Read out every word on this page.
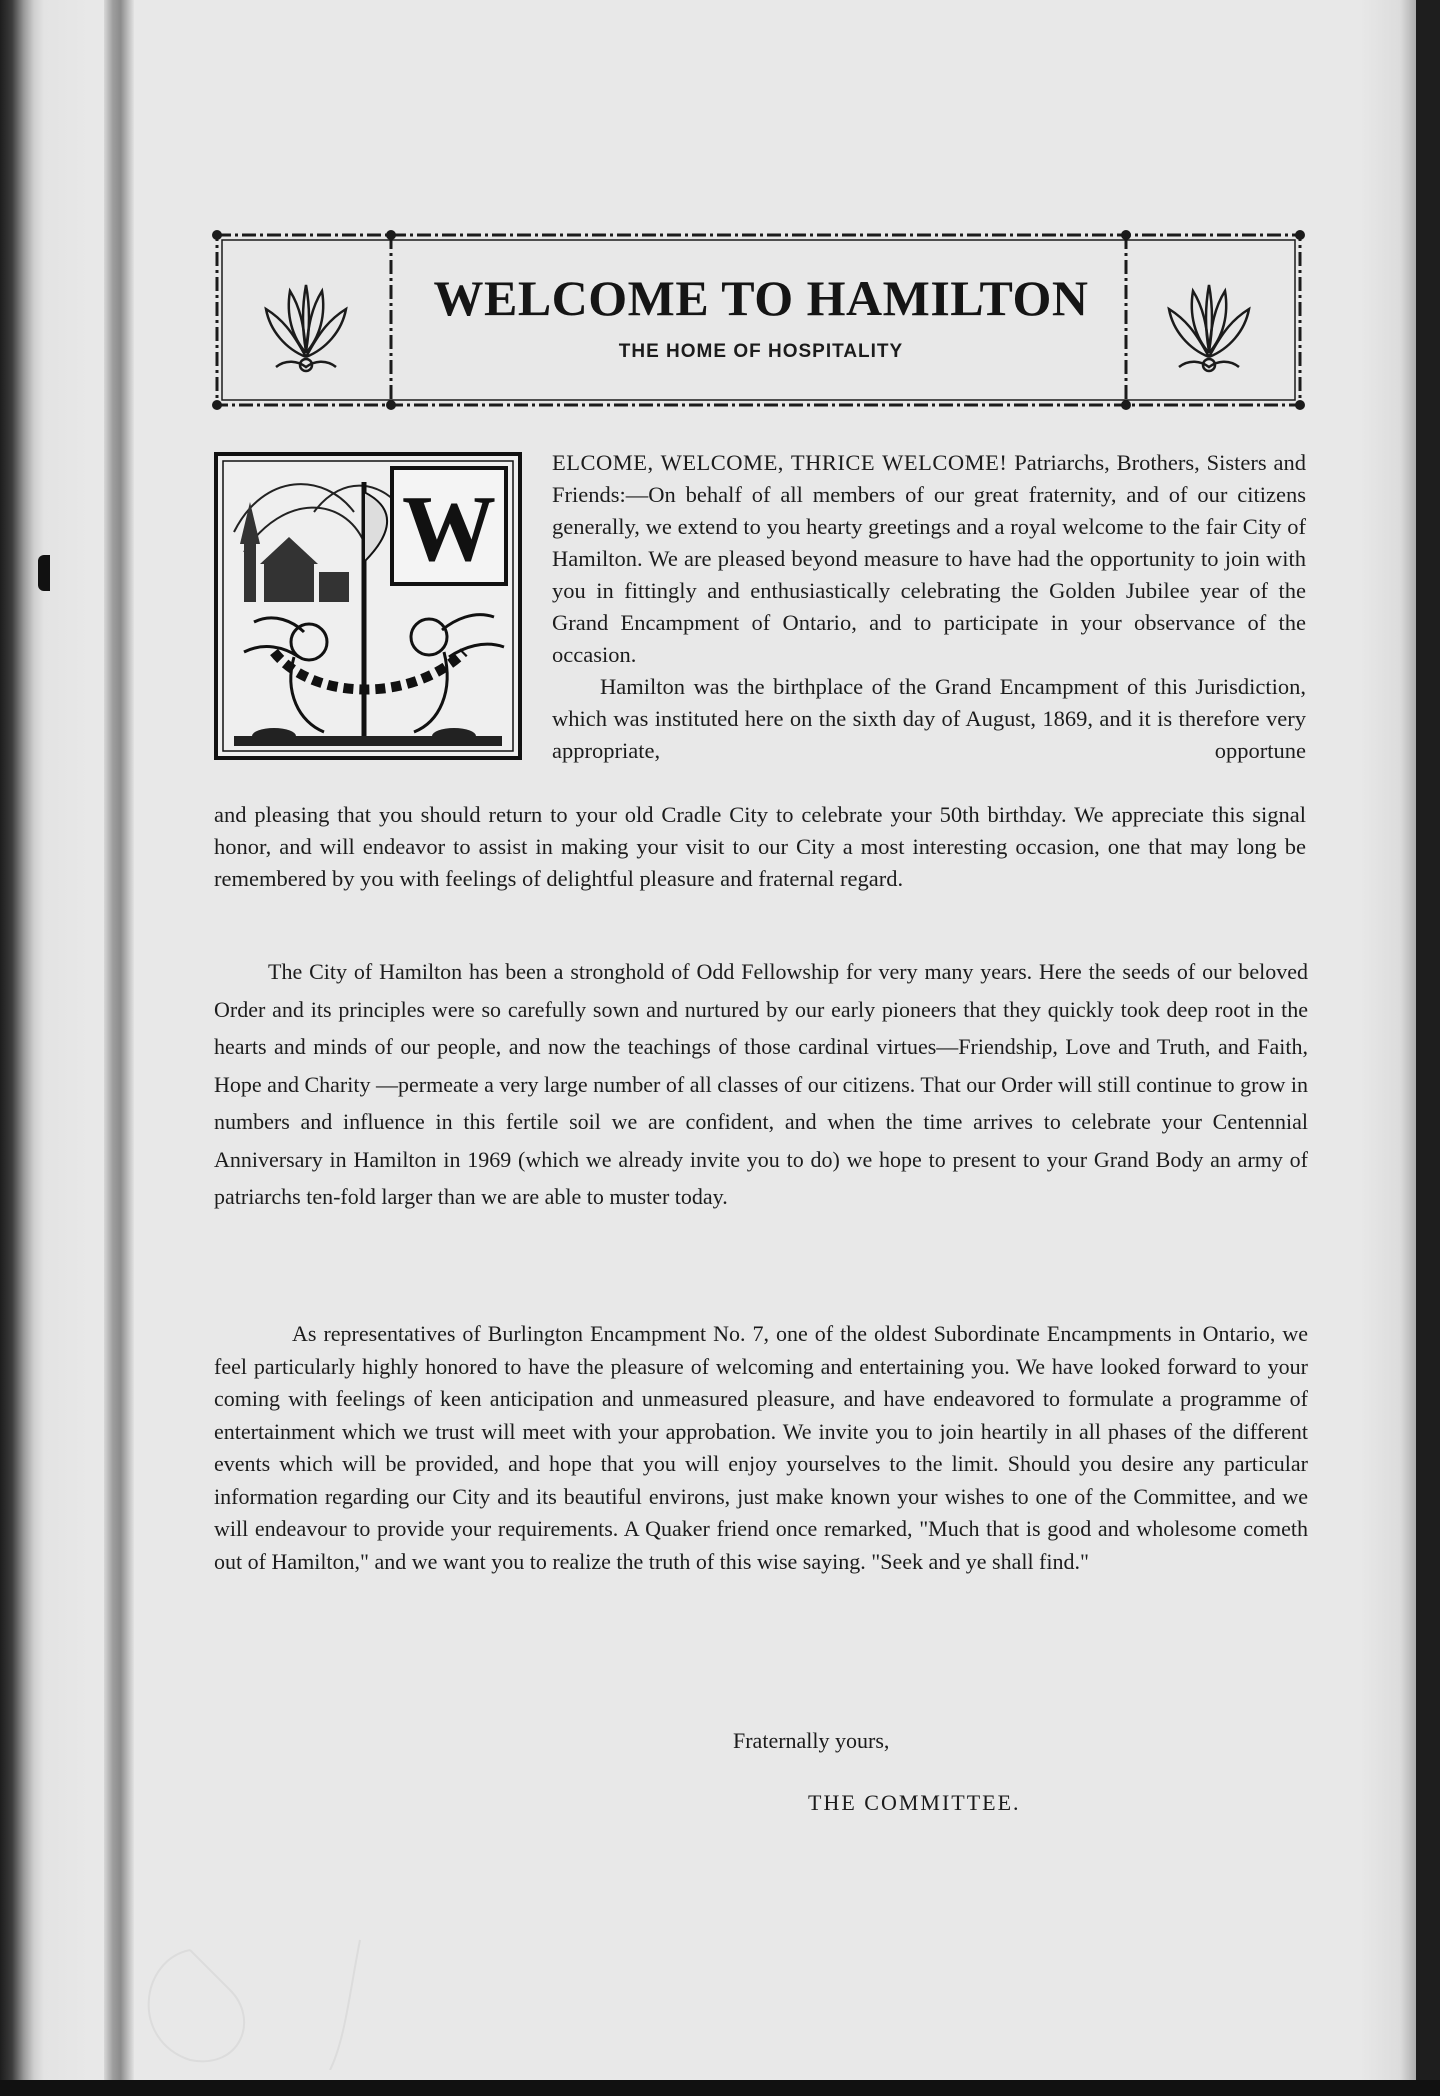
WELCOME TO HAMILTON
THE HOME OF HOSPITALITY
W
ELCOME, WELCOME, THRICE WELCOME! Patriarchs, Brothers, Sisters and Friends:—On behalf of all members of our great fraternity, and of our citizens generally, we extend to you hearty greetings and a royal welcome to the fair City of Hamilton. We are pleased beyond measure to have had the opportunity to join with you in fittingly and enthusiastically celebrating the Golden Jubilee year of the Grand Encampment of Ontario, and to participate in your observance of the occasion.
Hamilton was the birthplace of the Grand Encampment of this Jurisdiction, which was instituted here on the sixth day of August, 1869, and it is therefore very appropriate, opportune
and pleasing that you should return to your old Cradle City to celebrate your 50th birthday. We appreciate this signal honor, and will endeavor to assist in making your visit to our City a most interesting occasion, one that may long be remembered by you with feelings of delightful pleasure and fraternal regard.
The City of Hamilton has been a stronghold of Odd Fellowship for very many years. Here the seeds of our beloved Order and its principles were so carefully sown and nurtured by our early pioneers that they quickly took deep root in the hearts and minds of our people, and now the teachings of those cardinal virtues—Friendship, Love and Truth, and Faith, Hope and Charity —permeate a very large number of all classes of our citizens. That our Order will still continue to grow in numbers and influence in this fertile soil we are confident, and when the time arrives to celebrate your Centennial Anniversary in Hamilton in 1969 (which we already invite you to do) we hope to present to your Grand Body an army of patriarchs ten-fold larger than we are able to muster today.
As representatives of Burlington Encampment No. 7, one of the oldest Subordinate Encampments in Ontario, we feel particularly highly honored to have the pleasure of welcoming and entertaining you. We have looked forward to your coming with feelings of keen anticipation and unmeasured pleasure, and have endeavored to formulate a programme of entertainment which we trust will meet with your approbation. We invite you to join heartily in all phases of the different events which will be provided, and hope that you will enjoy yourselves to the limit. Should you desire any particular information regarding our City and its beautiful environs, just make known your wishes to one of the Committee, and we will endeavour to provide your requirements. A Quaker friend once remarked, "Much that is good and wholesome cometh out of Hamilton," and we want you to realize the truth of this wise saying. "Seek and ye shall find."
Fraternally yours,
THE COMMITTEE.
